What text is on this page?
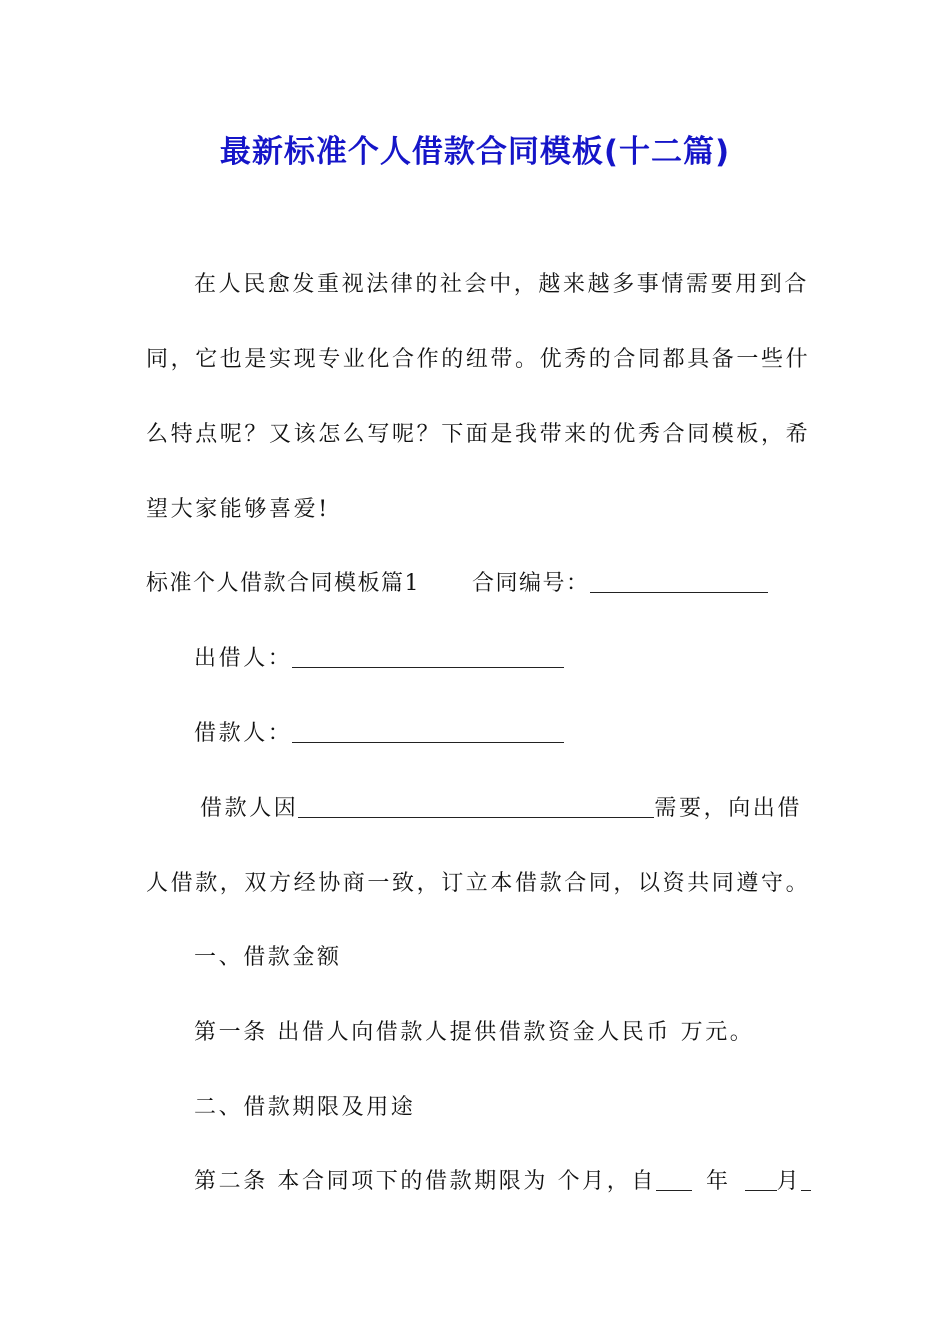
最新标准个人借款合同模板(十二篇)
在人民愈发重视法律的社会中，越来越多事情需要用到合
同，它也是实现专业化合作的纽带。优秀的合同都具备一些什
么特点呢？又该怎么写呢？下面是我带来的优秀合同模板，希
望大家能够喜爱!
标准个人借款合同模板篇1 合同编号：
出借人：
借款人：
借款人因	需要，向出借
人借款，双方经协商一致，订立本借款合同，以资共同遵守。
一、借款金额
第一条 出借人向借款人提供借款资金人民币 万元。
二、借款期限及用途
第二条 本合同项下的借款期限为 个月，自 年 月
